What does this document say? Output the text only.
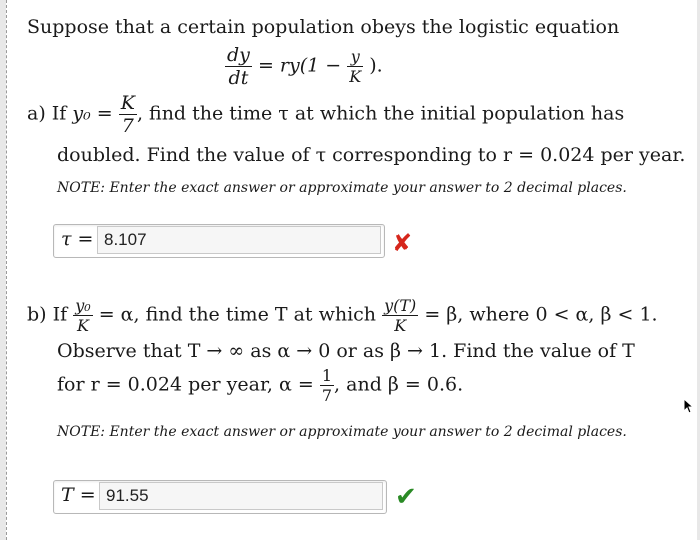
Suppose that a certain population obeys the logistic equation
$\frac{dy}{dt} = ry(1 - \frac{y}{K}$ ).
a) If $y_0 = \frac{K}{7}$ , find the time τ at which the initial population has
doubled. Find the value of τ corresponding to r = 0.024 per year.
NOTE: Enter the exact answer or approximate your answer to 2 decimal places.
τ = 8.107	✘
b) If $\frac{\text{y₀}}{K} = \alpha$, find the time T at which $\frac{y(T)}{K} = \beta$, where 0 < α, β < 1.
Observe that T → ∞ as α → 0 or as β → 1. Find the value of T
for r = 0.024 per year, $\alpha = \frac{1}{7}$ , and β = 0.6.
NOTE: Enter the exact answer or approximate your answer to 2 decimal places.
T = 91.55	✔
